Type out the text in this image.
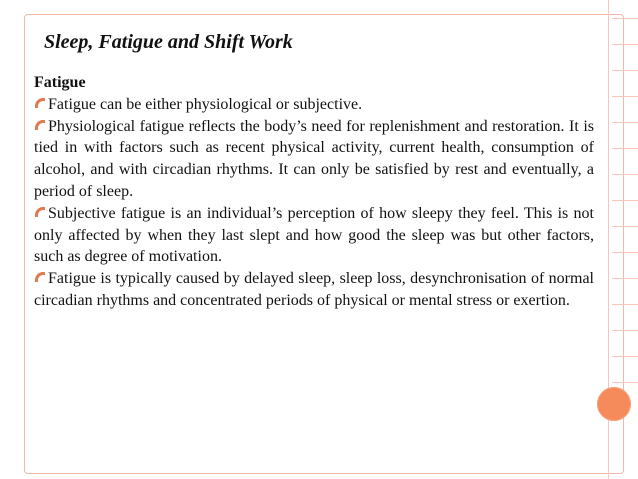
Sleep, Fatigue and Shift Work

Fatigue

Fatigue can be either physiological or subjective.

Physiological fatigue reflects the body’s need for replenishment and restoration. It is tied in with factors such as recent physical activity, current health, consumption of alcohol, and with circadian rhythms. It can only be satisfied by rest and eventually, a period of sleep.

Subjective fatigue is an individual’s perception of how sleepy they feel. This is not only affected by when they last slept and how good the sleep was but other factors, such as degree of motivation.

Fatigue is typically caused by delayed sleep, sleep loss, desynchronisation of normal circadian rhythms and concentrated periods of physical or mental stress or exertion.
